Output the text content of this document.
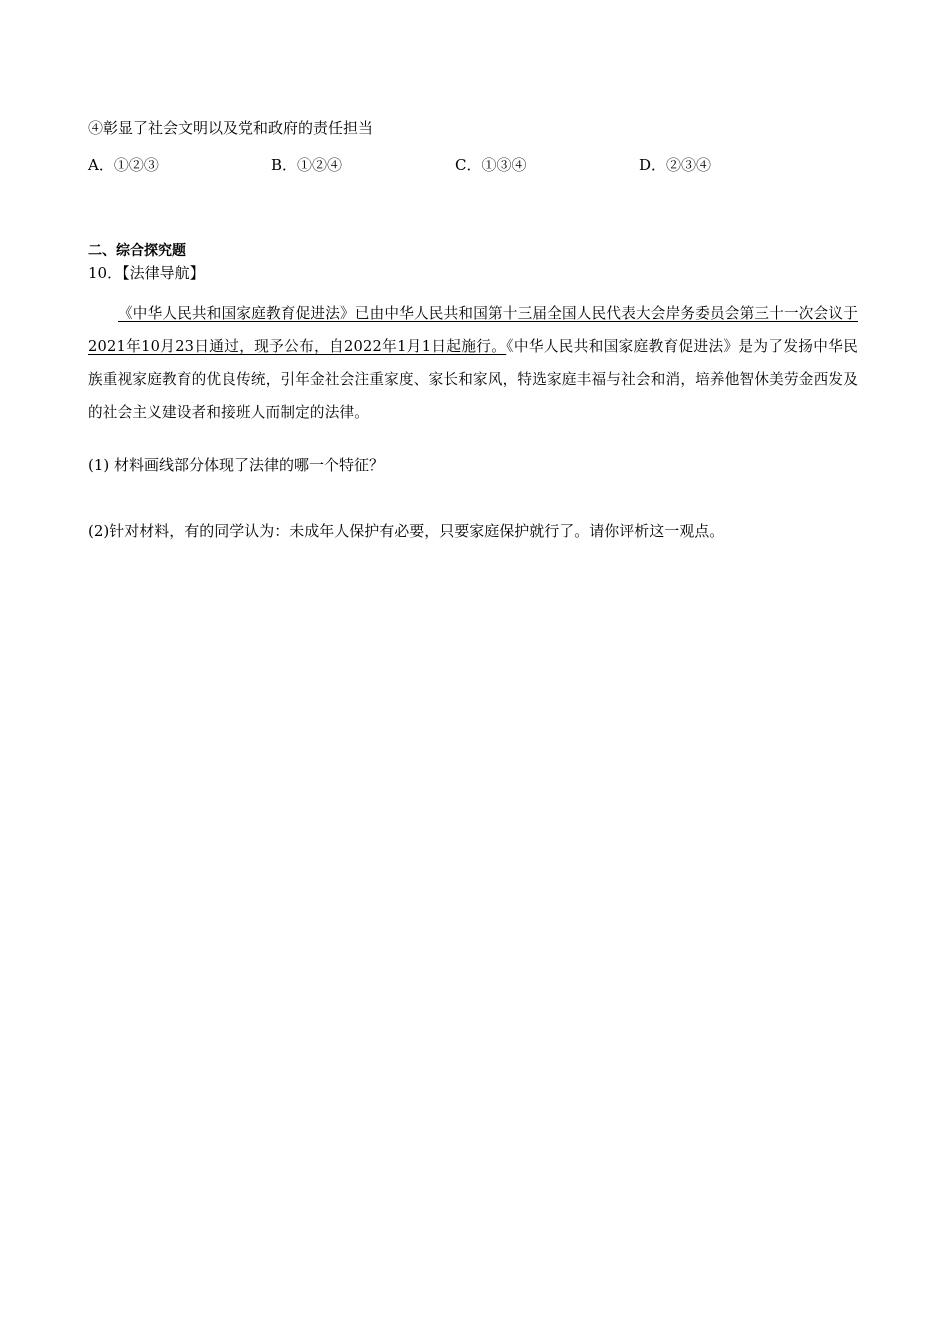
④彰显了社会文明以及党和政府的责任担当
A．①②③	B．①②④	C．①③④	D．②③④
二、综合探究题
10．【法律导航】
《中华人民共和国家庭教育促进法》已由中华人民共和国第十三届全国人民代表大会岸务委员会第三十一次会议于2021年10月23日通过，现予公布，自2022年1月1日起施行。《中华人民共和国家庭教育促进法》是为了发扬中华民族重视家庭教育的优良传统，引年金社会注重家度、家长和家风，特选家庭丰福与社会和消，培养他智休美劳金西发及的社会主义建设者和接班人而制定的法律。
(1) 材料画线部分体现了法律的哪一个特征？
(2)针对材料，有的同学认为：未成年人保护有必要，只要家庭保护就行了。请你评析这一观点。
